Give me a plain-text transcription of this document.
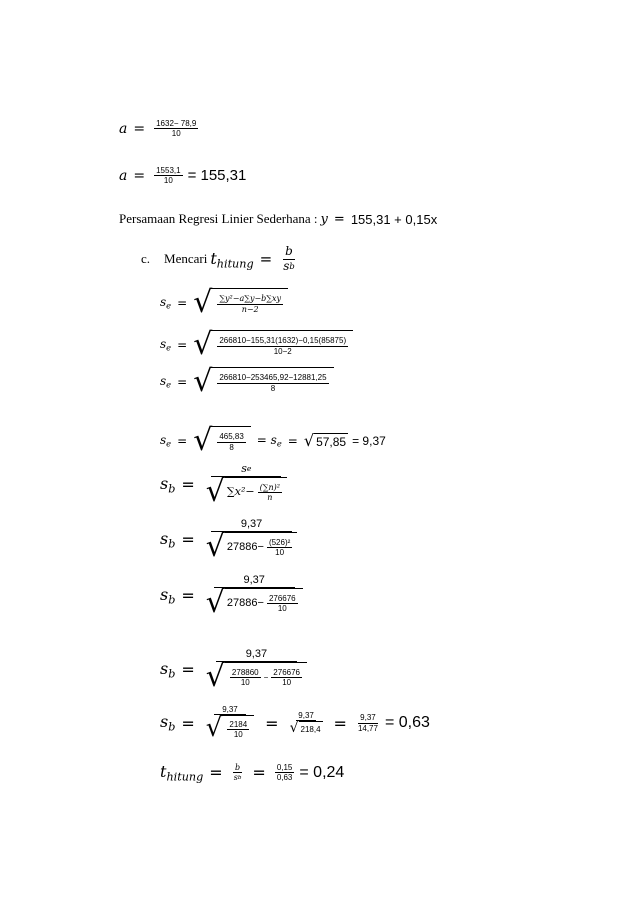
$a = \frac{1632- 78,9}{10}$
$a = \frac{1553,1}{10} = 155,31$
Persamaan Regresi Linier Sederhana : y = 155,31 + 0,15x
c. Mencari $t_{hitung} = \frac{b}{\text{s b}}$
$s_e$ = √ $\frac{\text{∑y²−a∑y−b∑xy}}{n-2}$
$s_e$ = √ $\frac{266810-155,31(1632)-0,15(85875)}{10-2}$
$s_e$ = √ $\frac{266810-253465,92-12881,25}{8}$
$s_e$ = √ $\frac{465,83}{8} = s_e$ = √ 57,85 = 9,37
$s_b = \frac{\text{s e}}{√ \sum x^2- \frac{\text{(∑n)²}}{n}}$
$s_b = \frac{9,37}{√ 27886- \frac{\text{(526)²}}{10}}$
$s_b = \frac{9,37}{√ 27886- \frac{276676}{10}}$
$s_b = \frac{9,37}{√ \frac{278860}{10} - \frac{276676}{10}}$
$s_b = \frac{9,37}{√ \frac{2184}{10}} = \frac{9,37}{√ 218,4} = \frac{9,37}{14,77} = 0,63$
$t_{hitung} = \frac{b}{\text{s b}} = \frac{0,15}{0,63} = 0,24$
